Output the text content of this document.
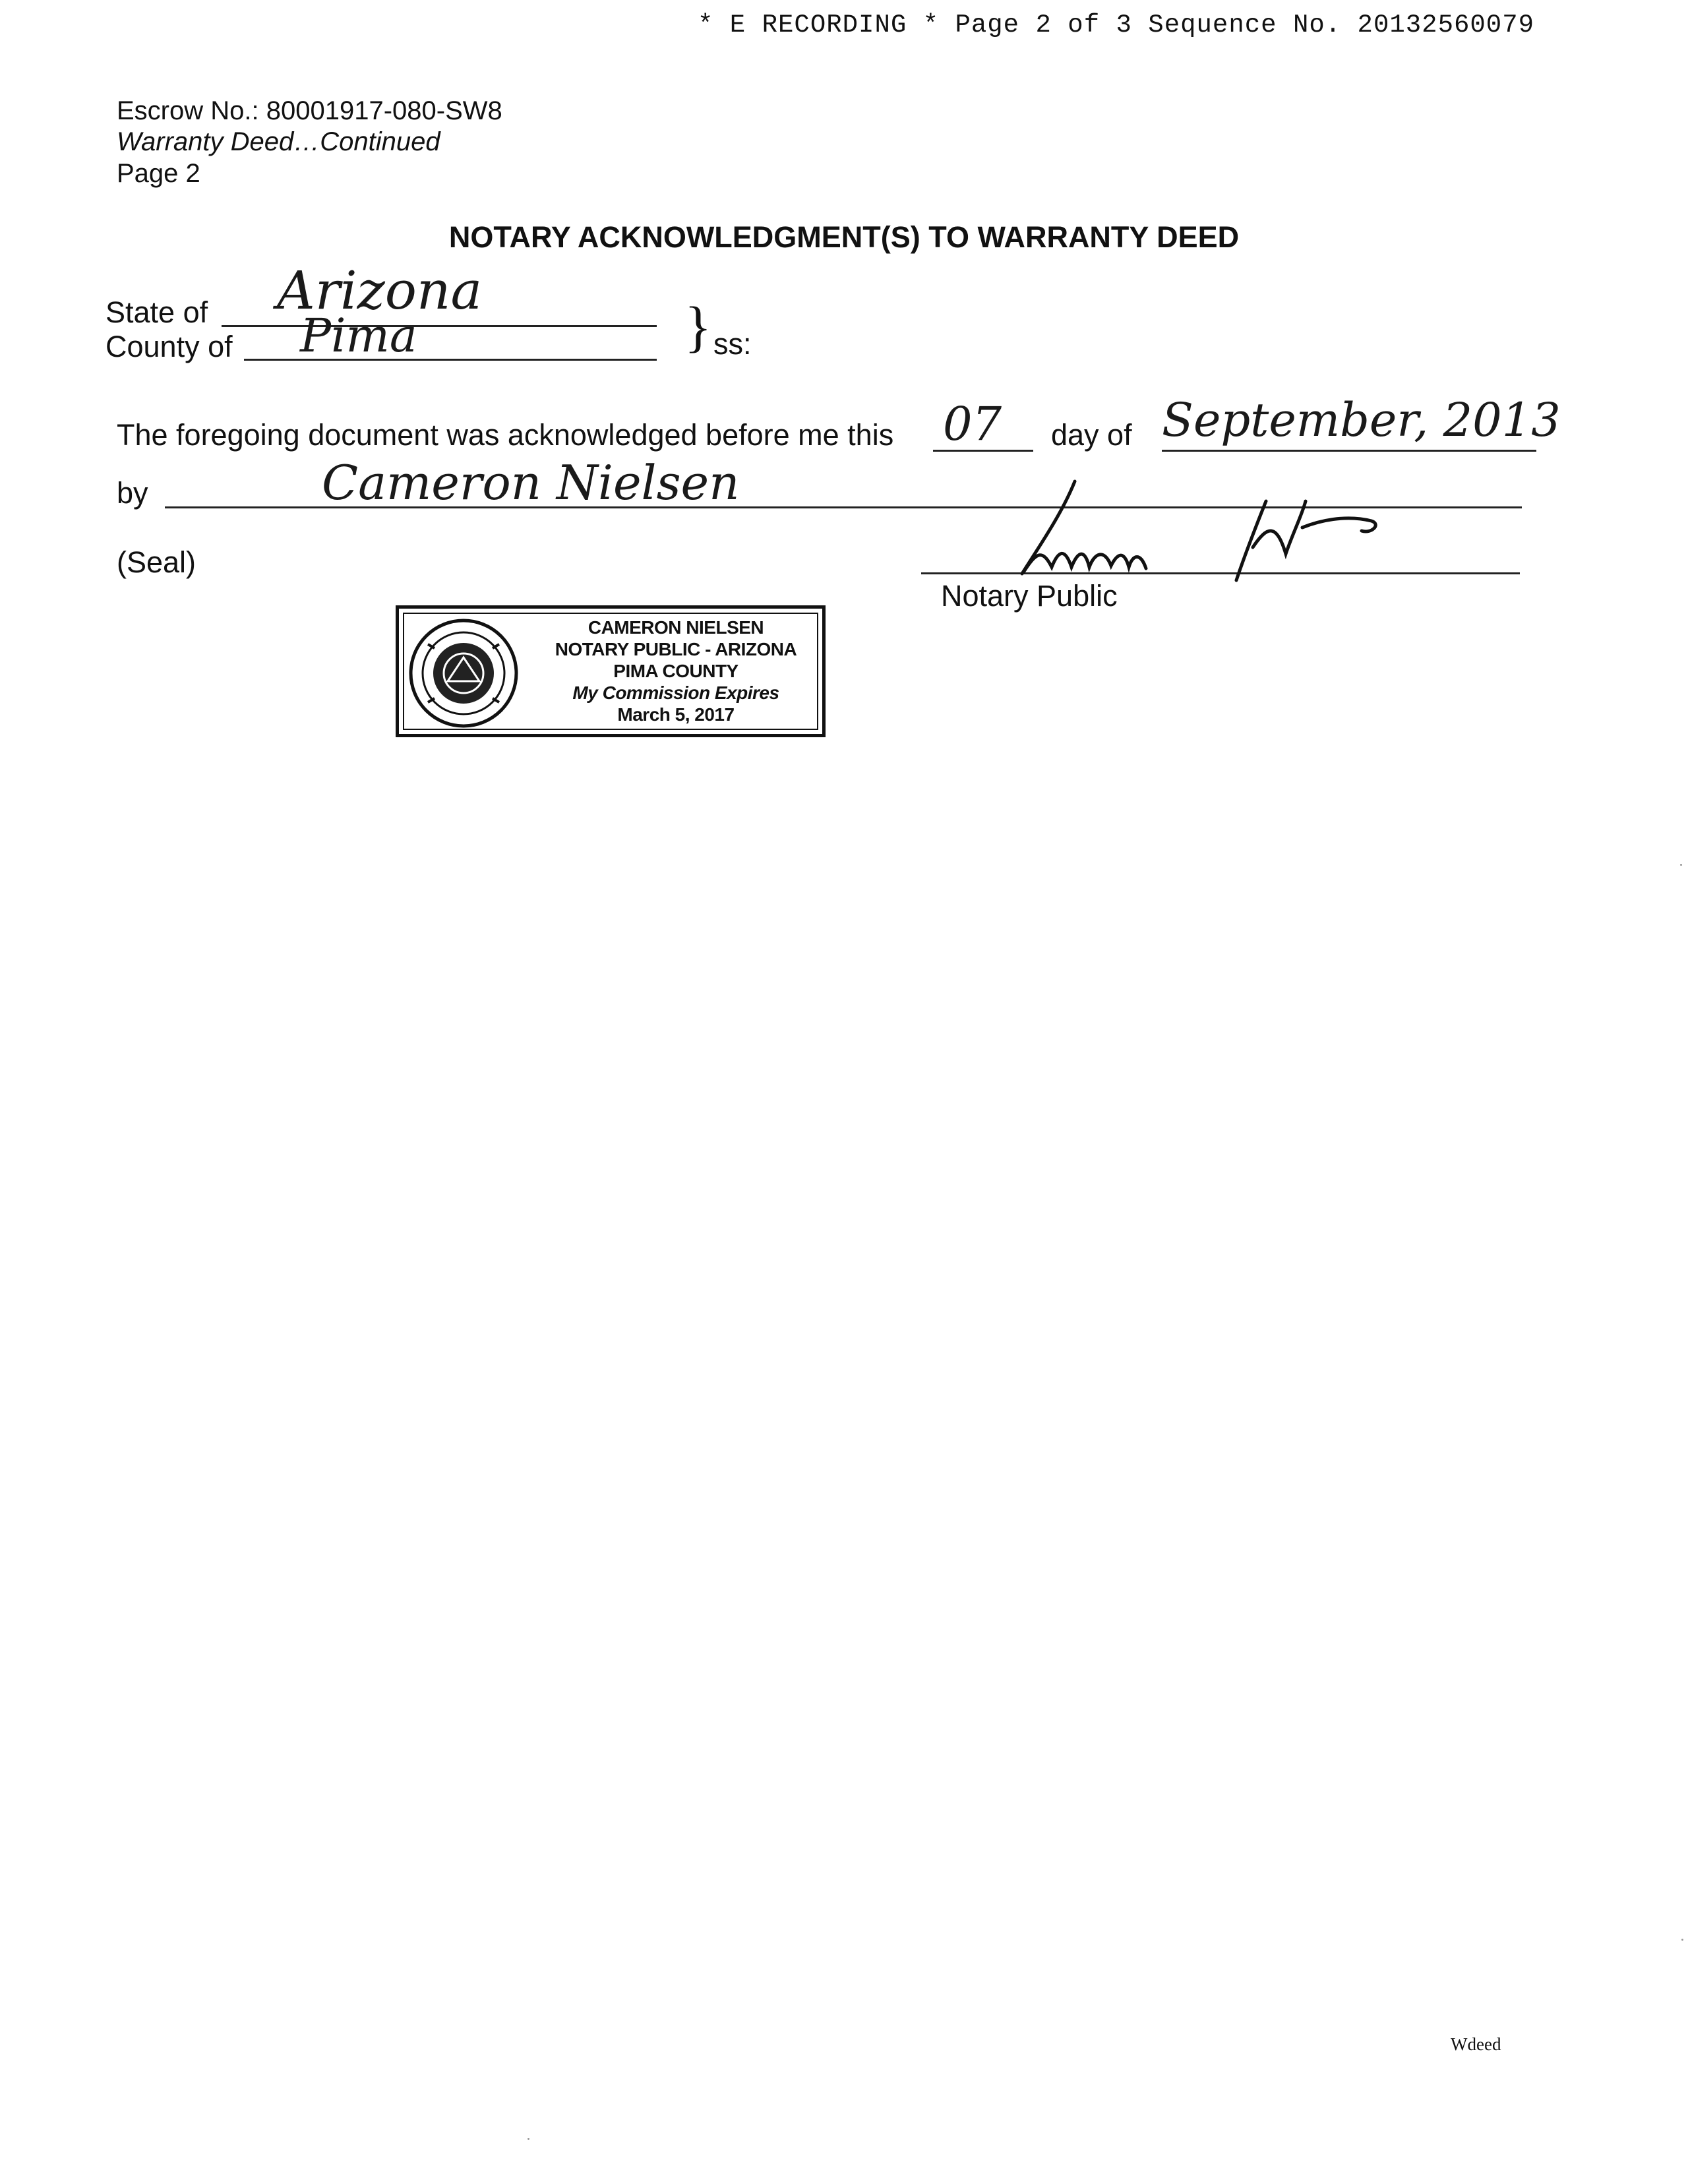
* E RECORDING * Page 2 of 3 Sequence No. 20132560079
Escrow No.: 80001917-080-SW8
Warranty Deed…Continued
Page 2
NOTARY ACKNOWLEDGMENT(S) TO WARRANTY DEED
State of Arizona
County of Pima	} ss:
The foregoing document was acknowledged before me this 07 day of September, 2013
by	Cameron Nielsen
(Seal)
Notary Public
CAMERON NIELSEN
NOTARY PUBLIC - ARIZONA
PIMA COUNTY
My Commission Expires
March 5, 2017
Wdeed
